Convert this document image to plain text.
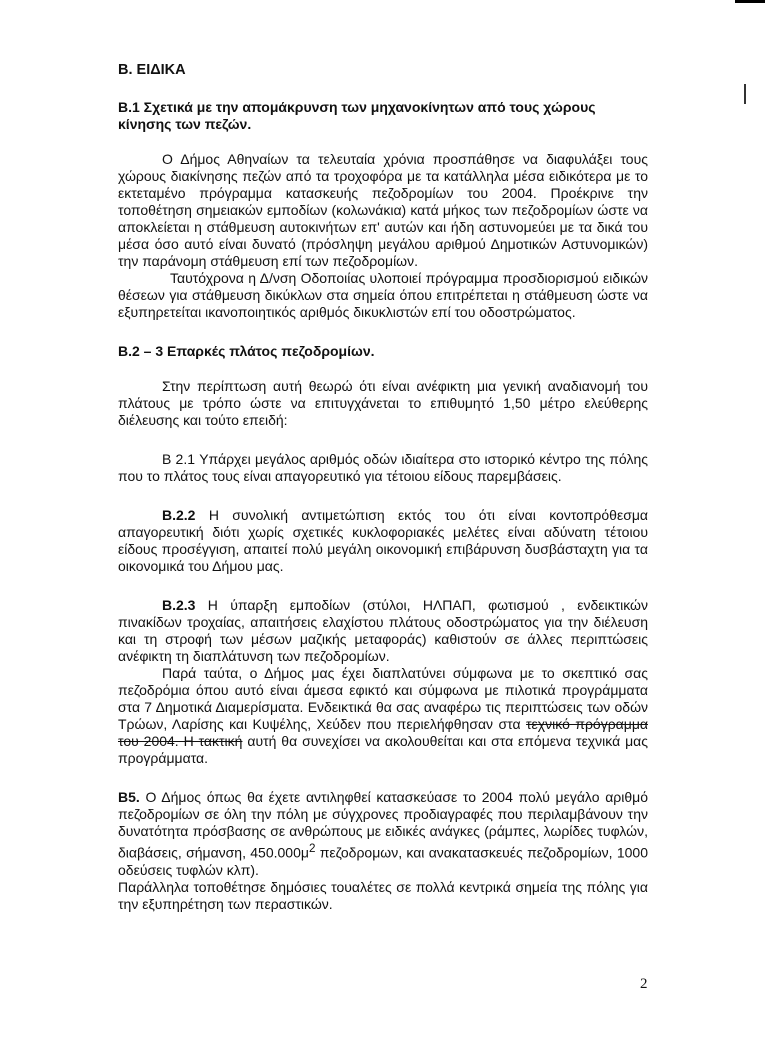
B. ΕΙΔΙΚΑ
B.1 Σχετικά με την απομάκρυνση των μηχανοκίνητων από τους χώρους κίνησης των πεζών.

Ο Δήμος Αθηναίων τα τελευταία χρόνια προσπάθησε να διαφυλάξει τους χώρους διακίνησης πεζών από τα τροχοφόρα με τα κατάλληλα μέσα ειδικότερα με το εκτεταμένο πρόγραμμα κατασκευής πεζοδρομίων του 2004. Προέκρινε την τοποθέτηση σημειακών εμποδίων (κολωνάκια) κατά μήκος των πεζοδρομίων ώστε να αποκλείεται η στάθμευση αυτοκινήτων επ' αυτών και ήδη αστυνομεύει με τα δικά του μέσα όσο αυτό είναι δυνατό (πρόσληψη μεγάλου αριθμού Δημοτικών Αστυνομικών) την παράνομη στάθμευση επί των πεζοδρομίων.

Ταυτόχρονα η Δ/νση Οδοποιίας υλοποιεί πρόγραμμα προσδιορισμού ειδικών θέσεων για στάθμευση δικύκλων στα σημεία όπου επιτρέπεται η στάθμευση ώστε να εξυπηρετείται ικανοποιητικός αριθμός δικυκλιστών επί του οδοστρώματος.

B.2 – 3 Επαρκές πλάτος πεζοδρομίων.

Στην περίπτωση αυτή θεωρώ ότι είναι ανέφικτη μια γενική αναδιανομή του πλάτους με τρόπο ώστε να επιτυγχάνεται το επιθυμητό 1,50 μέτρο ελεύθερης διέλευσης και τούτο επειδή:

B 2.1 Υπάρχει μεγάλος αριθμός οδών ιδιαίτερα στο ιστορικό κέντρο της πόλης που το πλάτος τους είναι απαγορευτικό για τέτοιου είδους παρεμβάσεις.

B.2.2 Η συνολική αντιμετώπιση εκτός του ότι είναι κοντοπρόθεσμα απαγορευτική διότι χωρίς σχετικές κυκλοφοριακές μελέτες είναι αδύνατη τέτοιου είδους προσέγγιση, απαιτεί πολύ μεγάλη οικονομική επιβάρυνση δυσβάσταχτη για τα οικονομικά του Δήμου μας.

B.2.3 Η ύπαρξη εμποδίων (στύλοι, ΗΛΠΑΠ, φωτισμού , ενδεικτικών πινακίδων τροχαίας, απαιτήσεις ελαχίστου πλάτους οδοστρώματος για την διέλευση και τη στροφή των μέσων μαζικής μεταφοράς) καθιστούν σε άλλες περιπτώσεις ανέφικτη τη διαπλάτυνση των πεζοδρομίων.

Παρά ταύτα, ο Δήμος μας έχει διαπλατύνει σύμφωνα με το σκεπτικό σας πεζοδρόμια όπου αυτό είναι άμεσα εφικτό και σύμφωνα με πιλοτικά προγράμματα στα 7 Δημοτικά Διαμερίσματα. Ενδεικτικά θα σας αναφέρω τις περιπτώσεις των οδών Τρώων, Λαρίσης και Κυψέλης, Χεύδεν που περιελήφθησαν στα τεχνικό πρόγραμμα του 2004. Η τακτική αυτή θα συνεχίσει να ακολουθείται και στα επόμενα τεχνικά μας προγράμματα.

B5. Ο Δήμος όπως θα έχετε αντιληφθεί κατασκεύασε το 2004 πολύ μεγάλο αριθμό πεζοδρομίων σε όλη την πόλη με σύγχρονες προδιαγραφές που περιλαμβάνουν την δυνατότητα πρόσβασης σε ανθρώπους με ειδικές ανάγκες (ράμπες, λωρίδες τυφλών, διαβάσεις, σήμανση, $450.000\mu^2$ πεζοδρομων, και ανακατασκευές πεζοδρομίων, 1000 οδεύσεις τυφλών κλπ).

Παράλληλα τοποθέτησε δημόσιες τουαλέτες σε πολλά κεντρικά σημεία της πόλης για την εξυπηρέτηση των περαστικών.

2
